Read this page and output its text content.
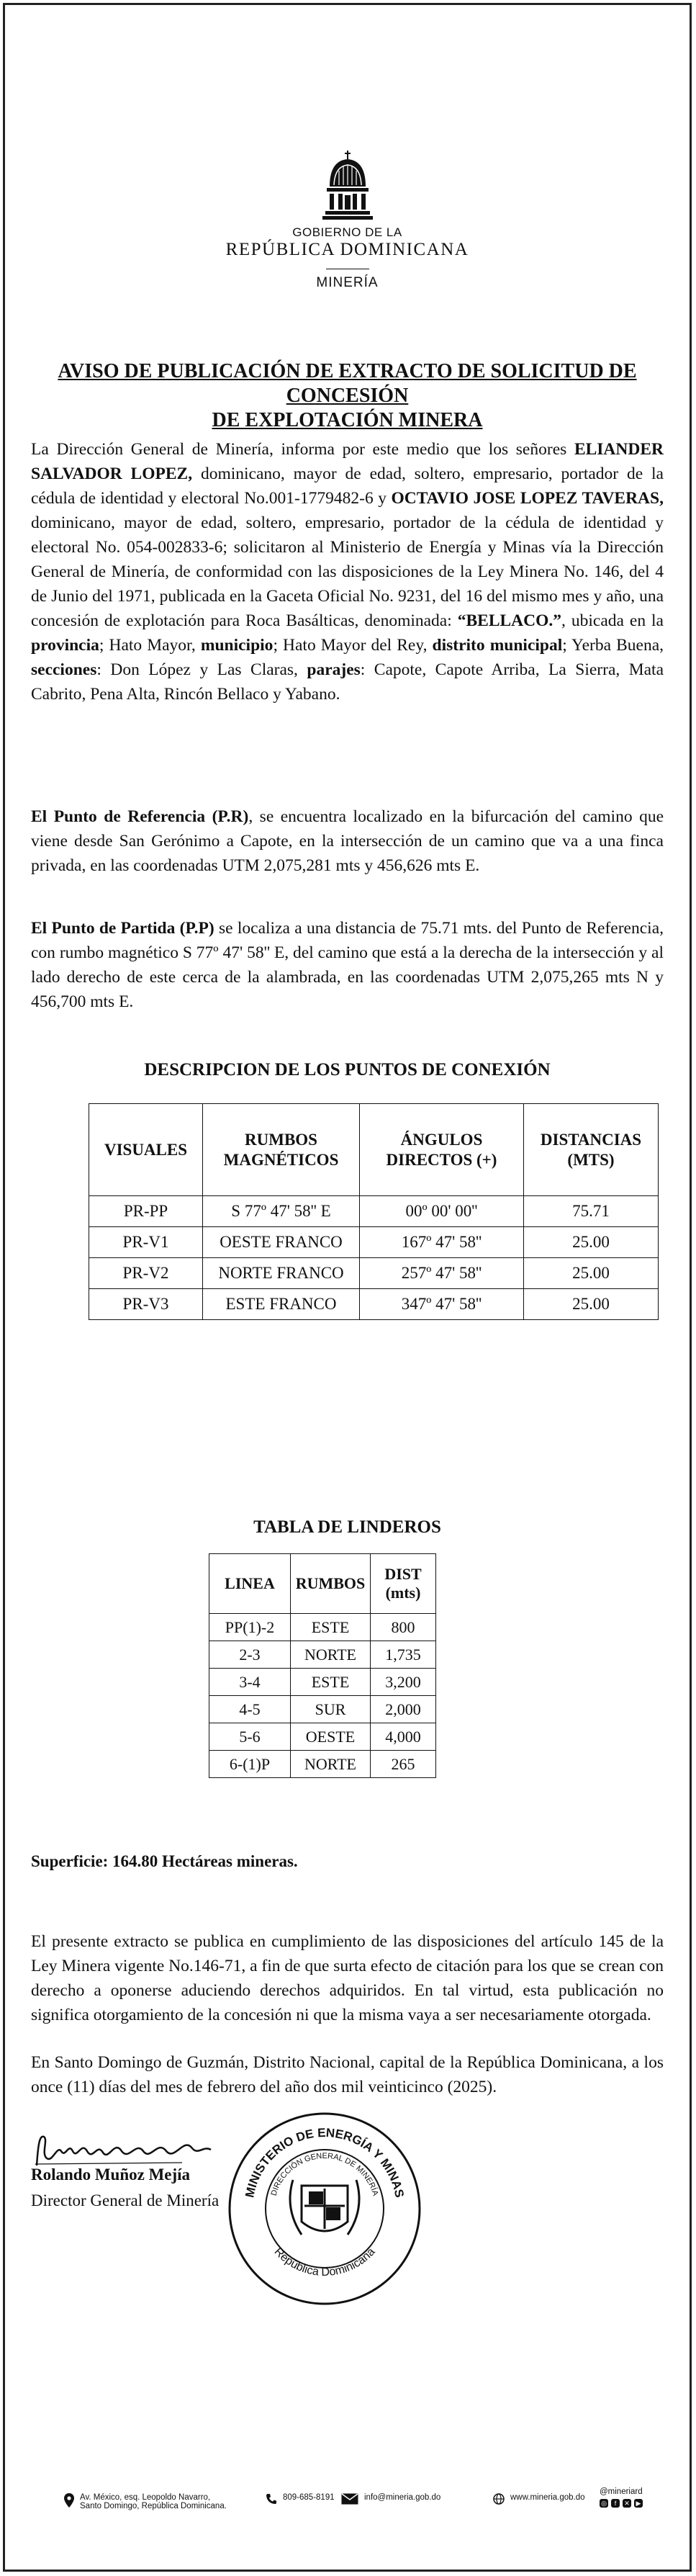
GOBIERNO DE LA
REPÚBLICA DOMINICANA
MINERÍA
AVISO DE PUBLICACIÓN DE EXTRACTO DE SOLICITUD DE CONCESIÓN
DE EXPLOTACIÓN MINERA
La Dirección General de Minería, informa por este medio que los señores ELIANDER SALVADOR LOPEZ, dominicano, mayor de edad, soltero, empresario, portador de la cédula de identidad y electoral No.001-1779482-6 y OCTAVIO JOSE LOPEZ TAVERAS, dominicano, mayor de edad, soltero, empresario, portador de la cédula de identidad y electoral No. 054-002833-6; solicitaron al Ministerio de Energía y Minas vía la Dirección General de Minería, de conformidad con las disposiciones de la Ley Minera No. 146, del 4 de Junio del 1971, publicada en la Gaceta Oficial No. 9231, del 16 del mismo mes y año, una concesión de explotación para Roca Basálticas, denominada: “BELLACO.”, ubicada en la provincia; Hato Mayor, municipio; Hato Mayor del Rey, distrito municipal; Yerba Buena, secciones: Don López y Las Claras, parajes: Capote, Capote Arriba, La Sierra, Mata Cabrito, Pena Alta, Rincón Bellaco y Yabano.
El Punto de Referencia (P.R), se encuentra localizado en la bifurcación del camino que viene desde San Gerónimo a Capote, en la intersección de un camino que va a una finca privada, en las coordenadas UTM 2,075,281 mts y 456,626 mts E.
El Punto de Partida (P.P) se localiza a una distancia de 75.71 mts. del Punto de Referencia, con rumbo magnético S 77º 47' 58'' E, del camino que está a la derecha de la intersección y al lado derecho de este cerca de la alambrada, en las coordenadas UTM 2,075,265 mts N y 456,700 mts E.
DESCRIPCION DE LOS PUNTOS DE CONEXIÓN
VISUALES	RUMBOS MAGNÉTICOS	ÁNGULOS DIRECTOS (+)	DISTANCIAS (MTS)
PR-PP	S 77º 47' 58'' E	00º 00' 00''	75.71
PR-V1	OESTE FRANCO	167º 47' 58''	25.00
PR-V2	NORTE FRANCO	257º 47' 58''	25.00
PR-V3	ESTE FRANCO	347º 47' 58''	25.00
TABLA DE LINDEROS
LINEA	RUMBOS	DIST (mts)
PP(1)-2	ESTE	800
2-3	NORTE	1,735
3-4	ESTE	3,200
4-5	SUR	2,000
5-6	OESTE	4,000
6-(1)P	NORTE	265
Superficie: 164.80 Hectáreas mineras.
El presente extracto se publica en cumplimiento de las disposiciones del artículo 145 de la Ley Minera vigente No.146-71, a fin de que surta efecto de citación para los que se crean con derecho a oponerse aduciendo derechos adquiridos. En tal virtud, esta publicación no significa otorgamiento de la concesión ni que la misma vaya a ser necesariamente otorgada.
En Santo Domingo de Guzmán, Distrito Nacional, capital de la República Dominicana, a los once (11) días del mes de febrero del año dos mil veinticinco (2025).
Rolando Muñoz Mejía
Director General de Minería MINISTERIO DE ENERGÍA Y MINAS
DIRECCIÓN GENERAL DE MINERÍA
República Dominicana
Av. México, esq. Leopoldo Navarro,
Santo Domingo, República Dominicana.
809-685-8191	info@mineria.gob.do	www.mineria.gob.do
@mineriard
◎	f	✕ ▶
